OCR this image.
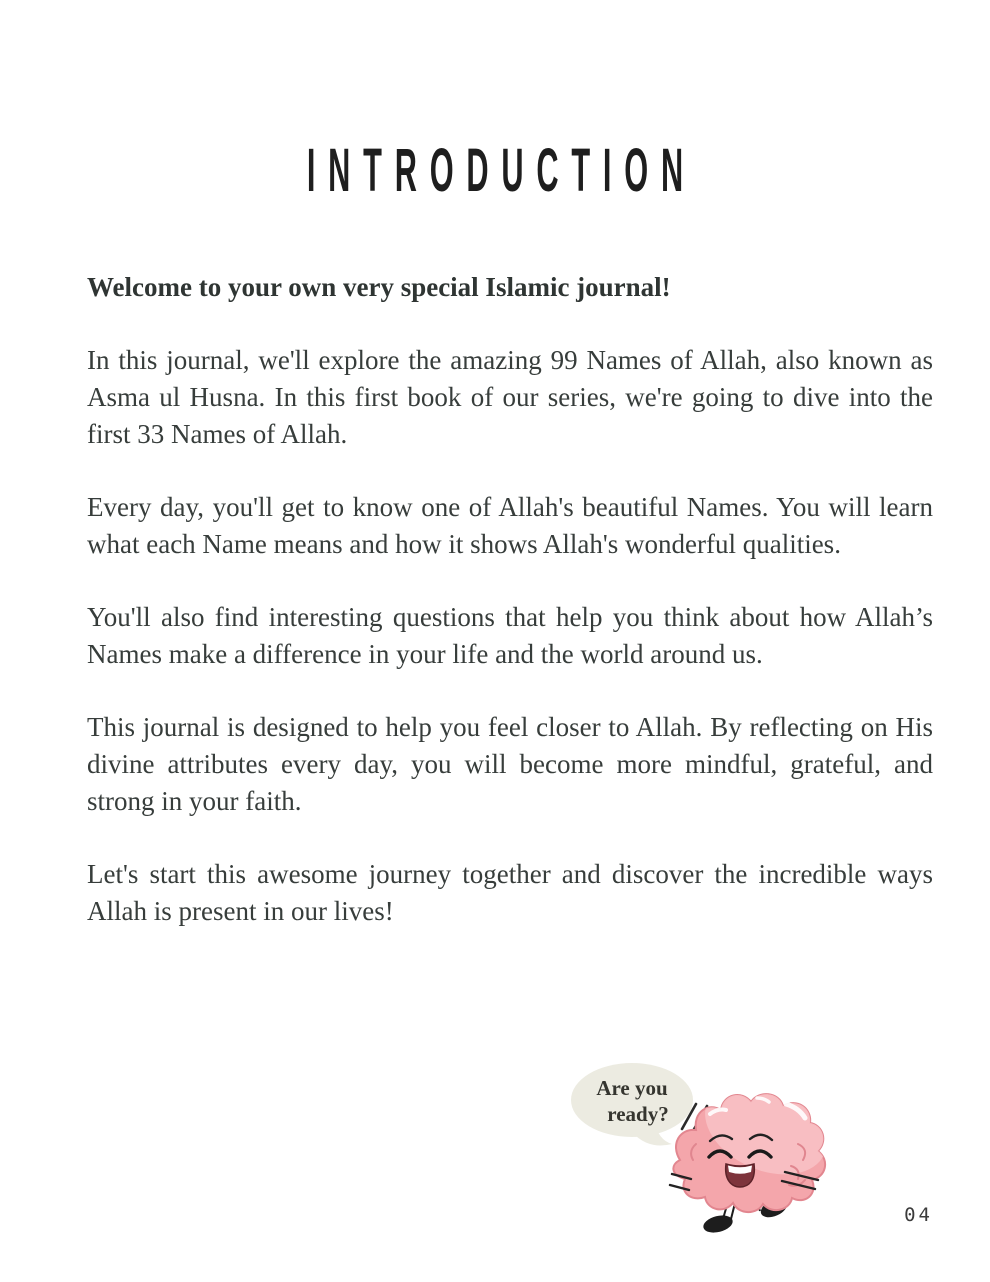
INTRODUCTION

Welcome to your own very special Islamic journal!

In this journal, we'll explore the amazing 99 Names of Allah, also known as Asma ul Husna. In this first book of our series, we're going to dive into the first 33 Names of Allah.

Every day, you'll get to know one of Allah's beautiful Names. You will learn what each Name means and how it shows Allah's wonderful qualities.

You'll also find interesting questions that help you think about how Allah’s Names make a difference in your life and the world around us.

This journal is designed to help you feel closer to Allah. By reflecting on His divine attributes every day, you will become more mindful, grateful, and strong in your faith.

Let's start this awesome journey together and discover the incredible ways Allah is present in our lives!

Are you
ready?
04
